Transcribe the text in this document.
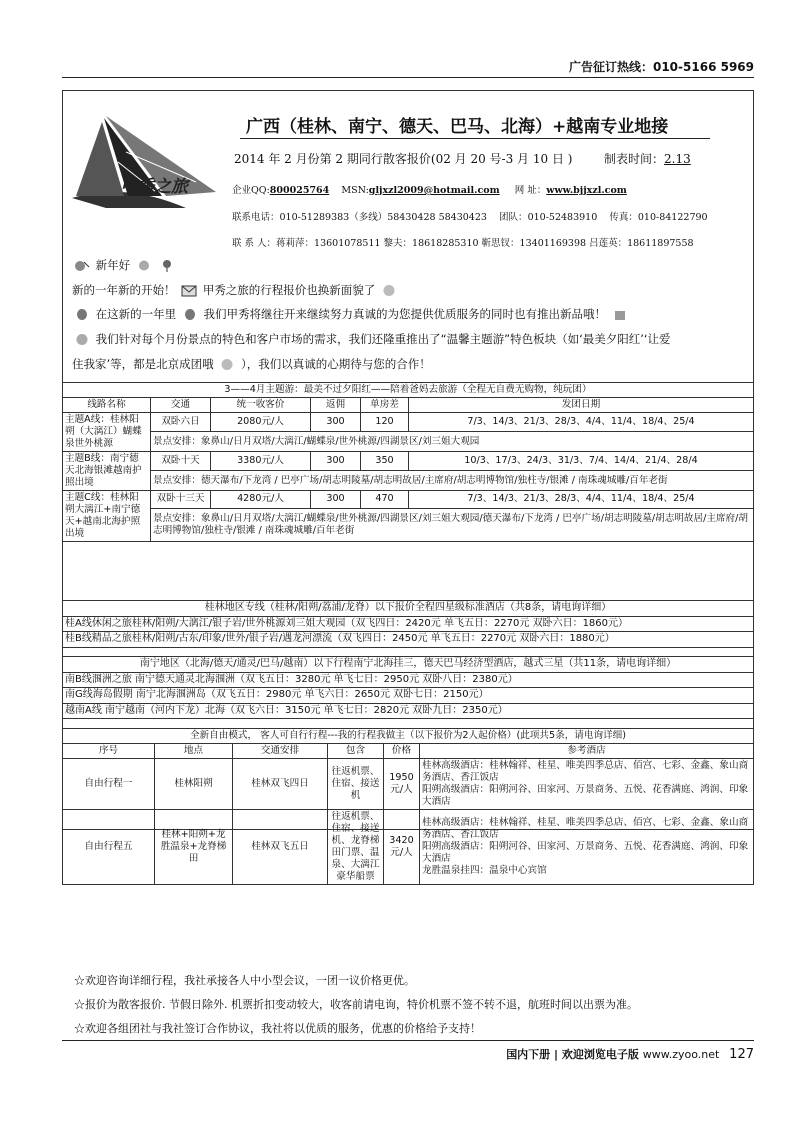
广告征订热线：010-5166 5969
甲秀之旅
广西（桂林、南宁、德天、巴马、北海）+越南专业地接
2014 年 2 月份第 2 期同行散客报价(02 月 20 号-3 月 10 日 )	制表时间：2.13
企业QQ:800025764 MSN:gljxzl2009@hotmail.com 网 址：www.bjjxzl.com
联系电话：010-51289383（多线）58430428 58430423 团队：010-52483910 传真：010-84122790
联 系 人：蒋莉萍：13601078511 黎夫：18618285310 靳思钗：13401169398 吕莲英：18611897558
新年好
新的一年新的开始！ 甲秀之旅的行程报价也换新面貌了
在这新的一年里 我们甲秀将继往开来继续努力真诚的为您提供优质服务的同时也有推出新品哦！
我们针对每个月份景点的特色和客户市场的需求，我们还隆重推出了“温馨主题游”特色板块（如‘最美夕阳红’‘让爱
住我家’等，都是北京成团哦 ），我们以真诚的心期待与您的合作！
3——4月主题游：最美不过夕阳红——陪着爸妈去旅游（全程无自费无购物，纯玩团）					
线路名称	交通	统一收客价	返佣	单房差	发团日期
主题A线：桂林阳朔（大漓江）蝴蝶泉世外桃源	双卧六日	2080元/人	300	120	7/3、14/3、21/3、28/3、4/4、11/4、18/4、25/4
	景点安排：象鼻山/日月双塔/大漓江/蝴蝶泉/世外桃源/四湖景区/刘三姐大观园				
主题B线：南宁德天北海银滩越南护照出境	双卧十天	3380元/人	300	350	10/3、17/3、24/3、31/3、7/4、14/4、21/4、28/4
	景点安排：德天瀑布/下龙湾 / 巴亭广场/胡志明陵墓/胡志明故居/主席府/胡志明博物馆/独柱寺/银滩 / 南珠魂城雕/百年老街				
主题C线：桂林阳朔大漓江+南宁德天+越南北海护照出境	双卧十三天	4280元/人	300	470	7/3、14/3、21/3、28/3、4/4、11/4、18/4、25/4
	景点安排：象鼻山/日月双塔/大漓江/蝴蝶泉/世外桃源/四湖景区/刘三姐大观园/德天瀑布/下龙湾 / 巴亭广场/胡志明陵墓/胡志明故居/主席府/胡志明博物馆/独柱寺/银滩 / 南珠魂城雕/百年老街				
桂林地区专线（桂林/阳朔/荔浦/龙脊）以下报价全程四星级标准酒店（共8条，请电询详细）
桂A线休闲之旅桂林/阳朔/大漓江/银子岩/世外桃源刘三姐大观园（双飞四日：2420元 单飞五日：2270元 双卧六日：1860元）
桂B线精品之旅桂林/阳朔/古东/印象/世外/银子岩/遇龙河漂流（双飞四日：2450元 单飞五日：2270元 双卧六日：1880元）
南宁地区（北海/德天/通灵/巴马/越南）以下行程南宁北海挂三，德天巴马经济型酒店，越式三星（共11条，请电询详细）
南B线涠洲之旅 南宁德天通灵北海涠洲（双飞五日：3280元 单飞七日：2950元 双卧八日：2380元）
南G线海岛假期 南宁北海涠洲岛（双飞五日：2980元 单飞六日：2650元 双卧七日：2150元）
越南A线 南宁越南（河内下龙）北海（双飞六日：3150元 单飞七日：2820元 双卧九日：2350元）
全新自由模式， 客人可自行行程---我的行程我做主（以下报价为2人起价格）(此项共5条，请电询详细)					
序号	地点	交通安排	包含	价格	参考酒店
自由行程一	桂林阳朔	桂林双飞四日	往返机票、住宿、接送机	1950元/人	桂林高级酒店：桂林翰祥、桂星、唯美四季总店、佰宫、七彩、金鑫、象山商务酒店、香江饭店
阳朔高级酒店：阳朔河谷、田家河、万景商务、五悦、花香满庭、鸿润、印象大酒店
自由行程五	桂林+阳朔+龙胜温泉+龙脊梯田	桂林双飞五日	往返机票、住宿、接送机、龙脊梯田门票、温泉、大漓江豪华船票	3420元/人	桂林高级酒店：桂林翰祥、桂星、唯美四季总店、佰宫、七彩、金鑫、象山商务酒店、香江饭店
阳朔高级酒店：阳朔河谷、田家河、万景商务、五悦、花香满庭、鸿润、印象大酒店
龙胜温泉挂四：温泉中心宾馆
☆欢迎咨询详细行程，我社承接各人中小型会议，一团一议价格更优。
☆报价为散客报价. 节假日除外. 机票折扣变动较大，收客前请电询，特价机票不签不转不退，航班时间以出票为准。
☆欢迎各组团社与我社签订合作协议，我社将以优质的服务，优惠的价格给予支持！
国内下册 | 欢迎浏览电子版 www.zyoo.net 127
